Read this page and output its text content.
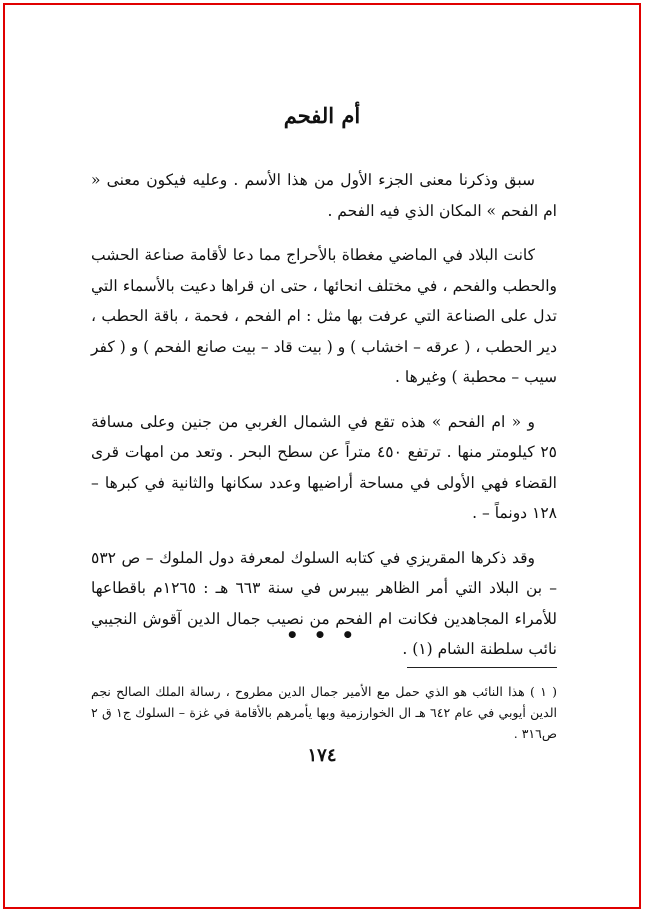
أم الفحم

سبق وذكرنا معنى الجزء الأول من هذا الأسم . وعليه فيكون معنى « ام الفحم » المكان الذي فيه الفحم .

كانت البلاد في الماضي مغطاة بالأحراج مما دعا لأقامة صناعة الحشب والحطب والفحم ، في مختلف انحائها ، حتى ان قراها دعيت بالأسماء التي تدل على الصناعة التي عرفت بها مثل : ام الفحم ، فحمة ، باقة الحطب ، دير الحطب ، ( عرقه – اخشاب ) و ( بيت قاد – بيت صانع الفحم ) و ( كفر سيب – محطبة ) وغيرها .

و « ام الفحم » هذه تقع في الشمال الغربي من جنين وعلى مسافة ٢٥ كيلومتر منها . ترتفع ٤٥٠ متراً عن سطح البحر . وتعد من امهات قرى القضاء فهي الأولى في مساحة أراضيها وعدد سكانها والثانية في كبرها – ١٢٨ دونماً – .

وقد ذكرها المقريزي في كتابه السلوك لمعرفة دول الملوك – ص ٥٣٢ – بن البلاد التي أمر الظاهر بيبرس في سنة ٦٦٣ هـ : ١٢٦٥م باقطاعها للأمراء المجاهدين فكانت ام الفحم من نصيب جمال الدين آقوش النجيبي نائب سلطنة الشام (١) .

• • •

( ١ ) هذا النائب هو الذي حمل مع الأمير جمال الدين مطروح ، رسالة الملك الصالح نجم الدين أيوبي في عام ٦٤٢ هـ ال الخوارزمية وبها يأمرهم بالأقامة في غزة – السلوك ج١ ق ٢ ص٣١٦ .

١٧٤
